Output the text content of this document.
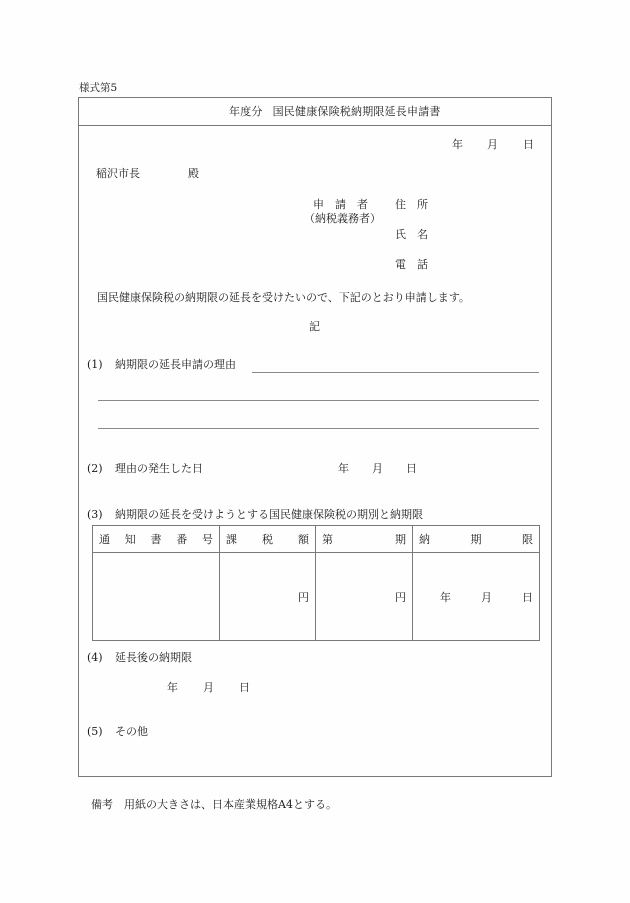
様式第5
年度分 国民健康保険税納期限延長申請書
年 月 日
稲沢市長	殿
申　請　者
（納税義務者）
住　所
氏　名
電　話
国民健康保険税の納期限の延長を受けたいので、下記のとおり申請します。
記
(1) 納期限の延長申請の理由
(2) 理由の発生した日	年 月 日
(3) 納期限の延長を受けようとする国民健康保険税の期別と納期限
通 知 書 番 号	課 税 額	第 期	納 期 限

	円	円	年 月 日
(4) 延長後の納期限
年 月 日
(5) その他
備考　用紙の大きさは、日本産業規格A4とする。
